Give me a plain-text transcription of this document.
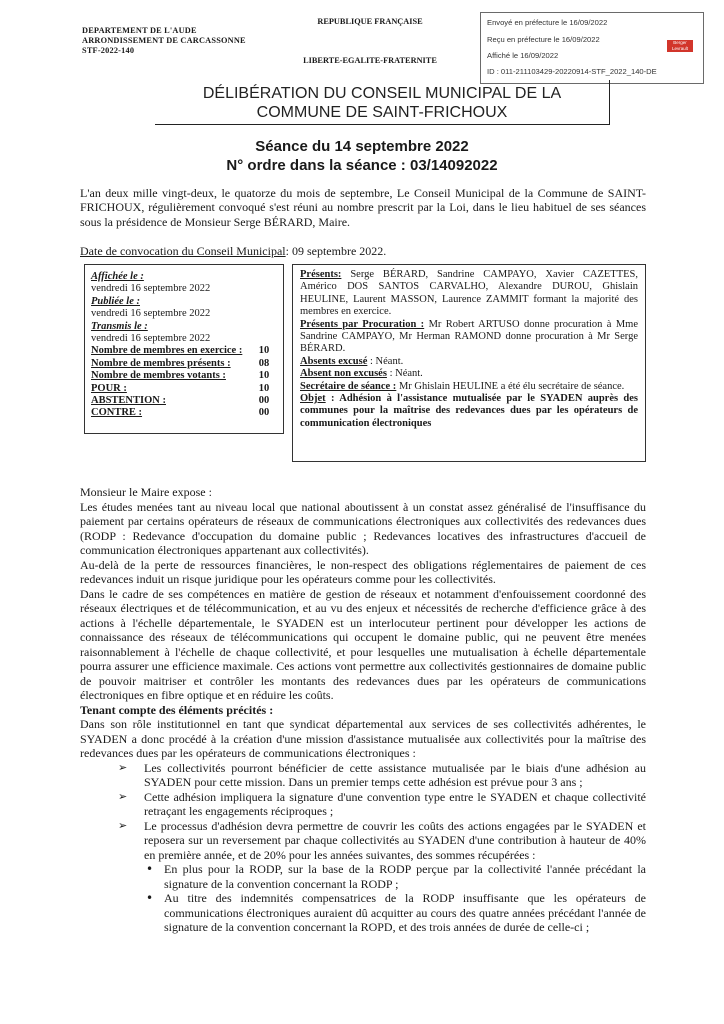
DEPARTEMENT DE L'AUDE
ARRONDISSEMENT DE CARCASSONNE
STF-2022-140
REPUBLIQUE FRANÇAISE
LIBERTE-EGALITE-FRATERNITE
Envoyé en préfecture le 16/09/2022
Reçu en préfecture le 16/09/2022
Affiché le 16/09/2022
ID : 011-211103429-20220914-STF_2022_140-DE
Berger Levrault
DÉLIBÉRATION DU CONSEIL MUNICIPAL DE LA
COMMUNE DE SAINT-FRICHOUX
Séance du 14 septembre 2022
N° ordre dans la séance : 03/14092022
L'an deux mille vingt-deux, le quatorze du mois de septembre, Le Conseil Municipal de la Commune de SAINT-FRICHOUX, régulièrement convoqué s'est réuni au nombre prescrit par la Loi, dans le lieu habituel de ses séances sous la présidence de Monsieur Serge BÉRARD, Maire.
Date de convocation du Conseil Municipal: 09 septembre 2022.
Affichée le :
vendredi 16 septembre 2022
Publiée le :
vendredi 16 septembre 2022
Transmis le :
vendredi 16 septembre 2022
Nombre de membres en exercice :	10
Nombre de membres présents :	08
Nombre de membres votants :	10
POUR :	10
ABSTENTION :	00
CONTRE :	00

Présents: Serge BÉRARD, Sandrine CAMPAYO, Xavier CAZETTES, Américo DOS SANTOS CARVALHO, Alexandre DUROU, Ghislain HEULINE, Laurent MASSON, Laurence ZAMMIT formant la majorité des membres en exercice.

Présents par Procuration : Mr Robert ARTUSO donne procuration à Mme Sandrine CAMPAYO, Mr Herman RAMOND donne procuration à Mr Serge BÉRARD.

Absents excusé : Néant.

Absent non excusés : Néant.

Secrétaire de séance : Mr Ghislain HEULINE a été élu secrétaire de séance.

Objet : Adhésion à l'assistance mutualisée par le SYADEN auprès des communes pour la maîtrise des redevances dues par les opérateurs de communication électroniques

Monsieur le Maire expose :

Les études menées tant au niveau local que national aboutissent à un constat assez généralisé de l'insuffisance du paiement par certains opérateurs de réseaux de communications électroniques aux collectivités des redevances dues (RODP : Redevance d'occupation du domaine public ; Redevances locatives des infrastructures d'accueil de communication électroniques appartenant aux collectivités).

Au-delà de la perte de ressources financières, le non-respect des obligations réglementaires de paiement de ces redevances induit un risque juridique pour les opérateurs comme pour les collectivités.

Dans le cadre de ses compétences en matière de gestion de réseaux et notamment d'enfouissement coordonné des réseaux électriques et de télécommunication, et au vu des enjeux et nécessités de recherche d'efficience grâce à des actions à l'échelle départementale, le SYADEN est un interlocuteur pertinent pour développer les actions de connaissance des réseaux de télécommunications qui occupent le domaine public, qui ne peuvent être menées raisonnablement à l'échelle de chaque collectivité, et pour lesquelles une mutualisation à échelle départementale pourra assurer une efficience maximale. Ces actions vont permettre aux collectivités gestionnaires de domaine public de pouvoir maitriser et contrôler les montants des redevances dues par les opérateurs de communications électroniques en fibre optique et en réduire les coûts.

Tenant compte des éléments précités :

Dans son rôle institutionnel en tant que syndicat départemental aux services de ses collectivités adhérentes, le SYADEN a donc procédé à la création d'une mission d'assistance mutualisée aux collectivités pour la maîtrise des redevances dues par les opérateurs de communications électroniques :

➢ Les collectivités pourront bénéficier de cette assistance mutualisée par le biais d'une adhésion au SYADEN pour cette mission. Dans un premier temps cette adhésion est prévue pour 3 ans ;
➢ Cette adhésion impliquera la signature d'une convention type entre le SYADEN et chaque collectivité retraçant les engagements réciproques ;
➢ Le processus d'adhésion devra permettre de couvrir les coûts des actions engagées par le SYADEN et reposera sur un reversement par chaque collectivités au SYADEN d'une contribution à hauteur de 40% en première année, et de 20% pour les années suivantes, des sommes récupérées :
• En plus pour la RODP, sur la base de la RODP perçue par la collectivité l'année précédant la signature de la convention concernant la RODP ;
• Au titre des indemnités compensatrices de la RODP insuffisante que les opérateurs de communications électroniques auraient dû acquitter au cours des quatre années précédant l'année de signature de la convention concernant la ROPD, et des trois années de durée de celle-ci ;
